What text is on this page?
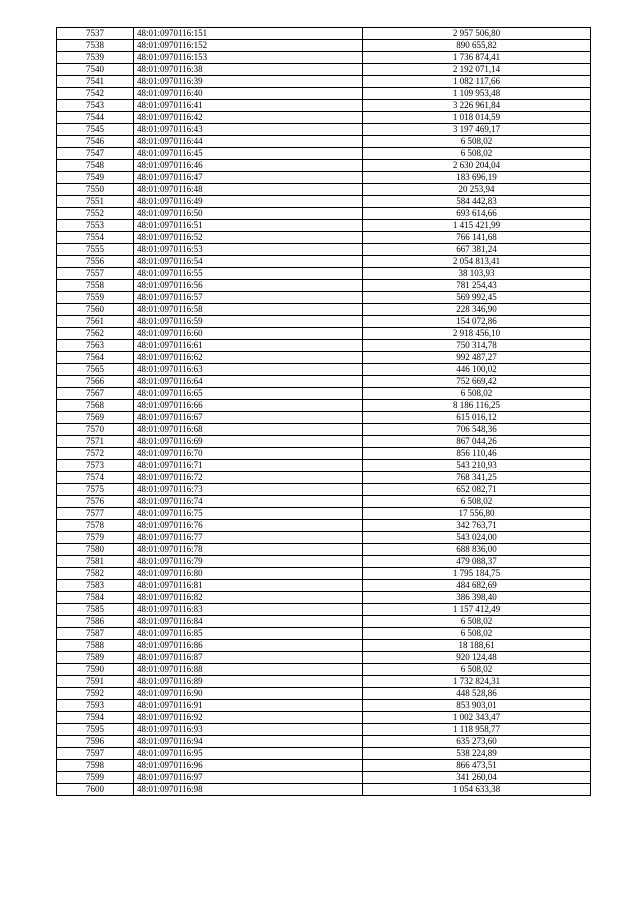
7537	48:01:0970116:151	2 957 506,80
7538	48:01:0970116:152	890 655,82
7539	48:01:0970116:153	1 736 874,41
7540	48:01:0970116:38	2 192 071,14
7541	48:01:0970116:39	1 082 117,66
7542	48:01:0970116:40	1 109 953,48
7543	48:01:0970116:41	3 226 961,84
7544	48:01:0970116:42	1 018 014,59
7545	48:01:0970116:43	3 197 469,17
7546	48:01:0970116:44	6 508,02
7547	48:01:0970116:45	6 508,02
7548	48:01:0970116:46	2 630 204,04
7549	48:01:0970116:47	183 696,19
7550	48:01:0970116:48	20 253,94
7551	48:01:0970116:49	584 442,83
7552	48:01:0970116:50	693 614,66
7553	48:01:0970116:51	1 415 421,99
7554	48:01:0970116:52	766 141,68
7555	48:01:0970116:53	667 381,24
7556	48:01:0970116:54	2 054 813,41
7557	48:01:0970116:55	38 103,93
7558	48:01:0970116:56	781 254,43
7559	48:01:0970116:57	569 992,45
7560	48:01:0970116:58	228 346,90
7561	48:01:0970116:59	154 072,86
7562	48:01:0970116:60	2 918 456,10
7563	48:01:0970116:61	750 314,78
7564	48:01:0970116:62	992 487,27
7565	48:01:0970116:63	446 100,02
7566	48:01:0970116:64	752 669,42
7567	48:01:0970116:65	6 508,02
7568	48:01:0970116:66	8 186 116,25
7569	48:01:0970116:67	615 016,12
7570	48:01:0970116:68	706 548,36
7571	48:01:0970116:69	867 044,26
7572	48:01:0970116:70	856 110,46
7573	48:01:0970116:71	543 210,93
7574	48:01:0970116:72	768 341,25
7575	48:01:0970116:73	652 082,71
7576	48:01:0970116:74	6 508,02
7577	48:01:0970116:75	17 556,80
7578	48:01:0970116:76	342 763,71
7579	48:01:0970116:77	543 024,00
7580	48:01:0970116:78	688 836,00
7581	48:01:0970116:79	479 088,37
7582	48:01:0970116:80	1 795 184,75
7583	48:01:0970116:81	484 682,69
7584	48:01:0970116:82	386 398,40
7585	48:01:0970116:83	1 157 412,49
7586	48:01:0970116:84	6 508,02
7587	48:01:0970116:85	6 508,02
7588	48:01:0970116:86	18 188,61
7589	48:01:0970116:87	920 124,48
7590	48:01:0970116:88	6 508,02
7591	48:01:0970116:89	1 732 824,31
7592	48:01:0970116:90	448 528,86
7593	48:01:0970116:91	853 903,01
7594	48:01:0970116:92	1 002 343,47
7595	48:01:0970116:93	1 118 958,77
7596	48:01:0970116:94	635 273,60
7597	48:01:0970116:95	538 224,89
7598	48:01:0970116:96	866 473,51
7599	48:01:0970116:97	341 260,04
7600	48:01:0970116:98	1 054 633,38
